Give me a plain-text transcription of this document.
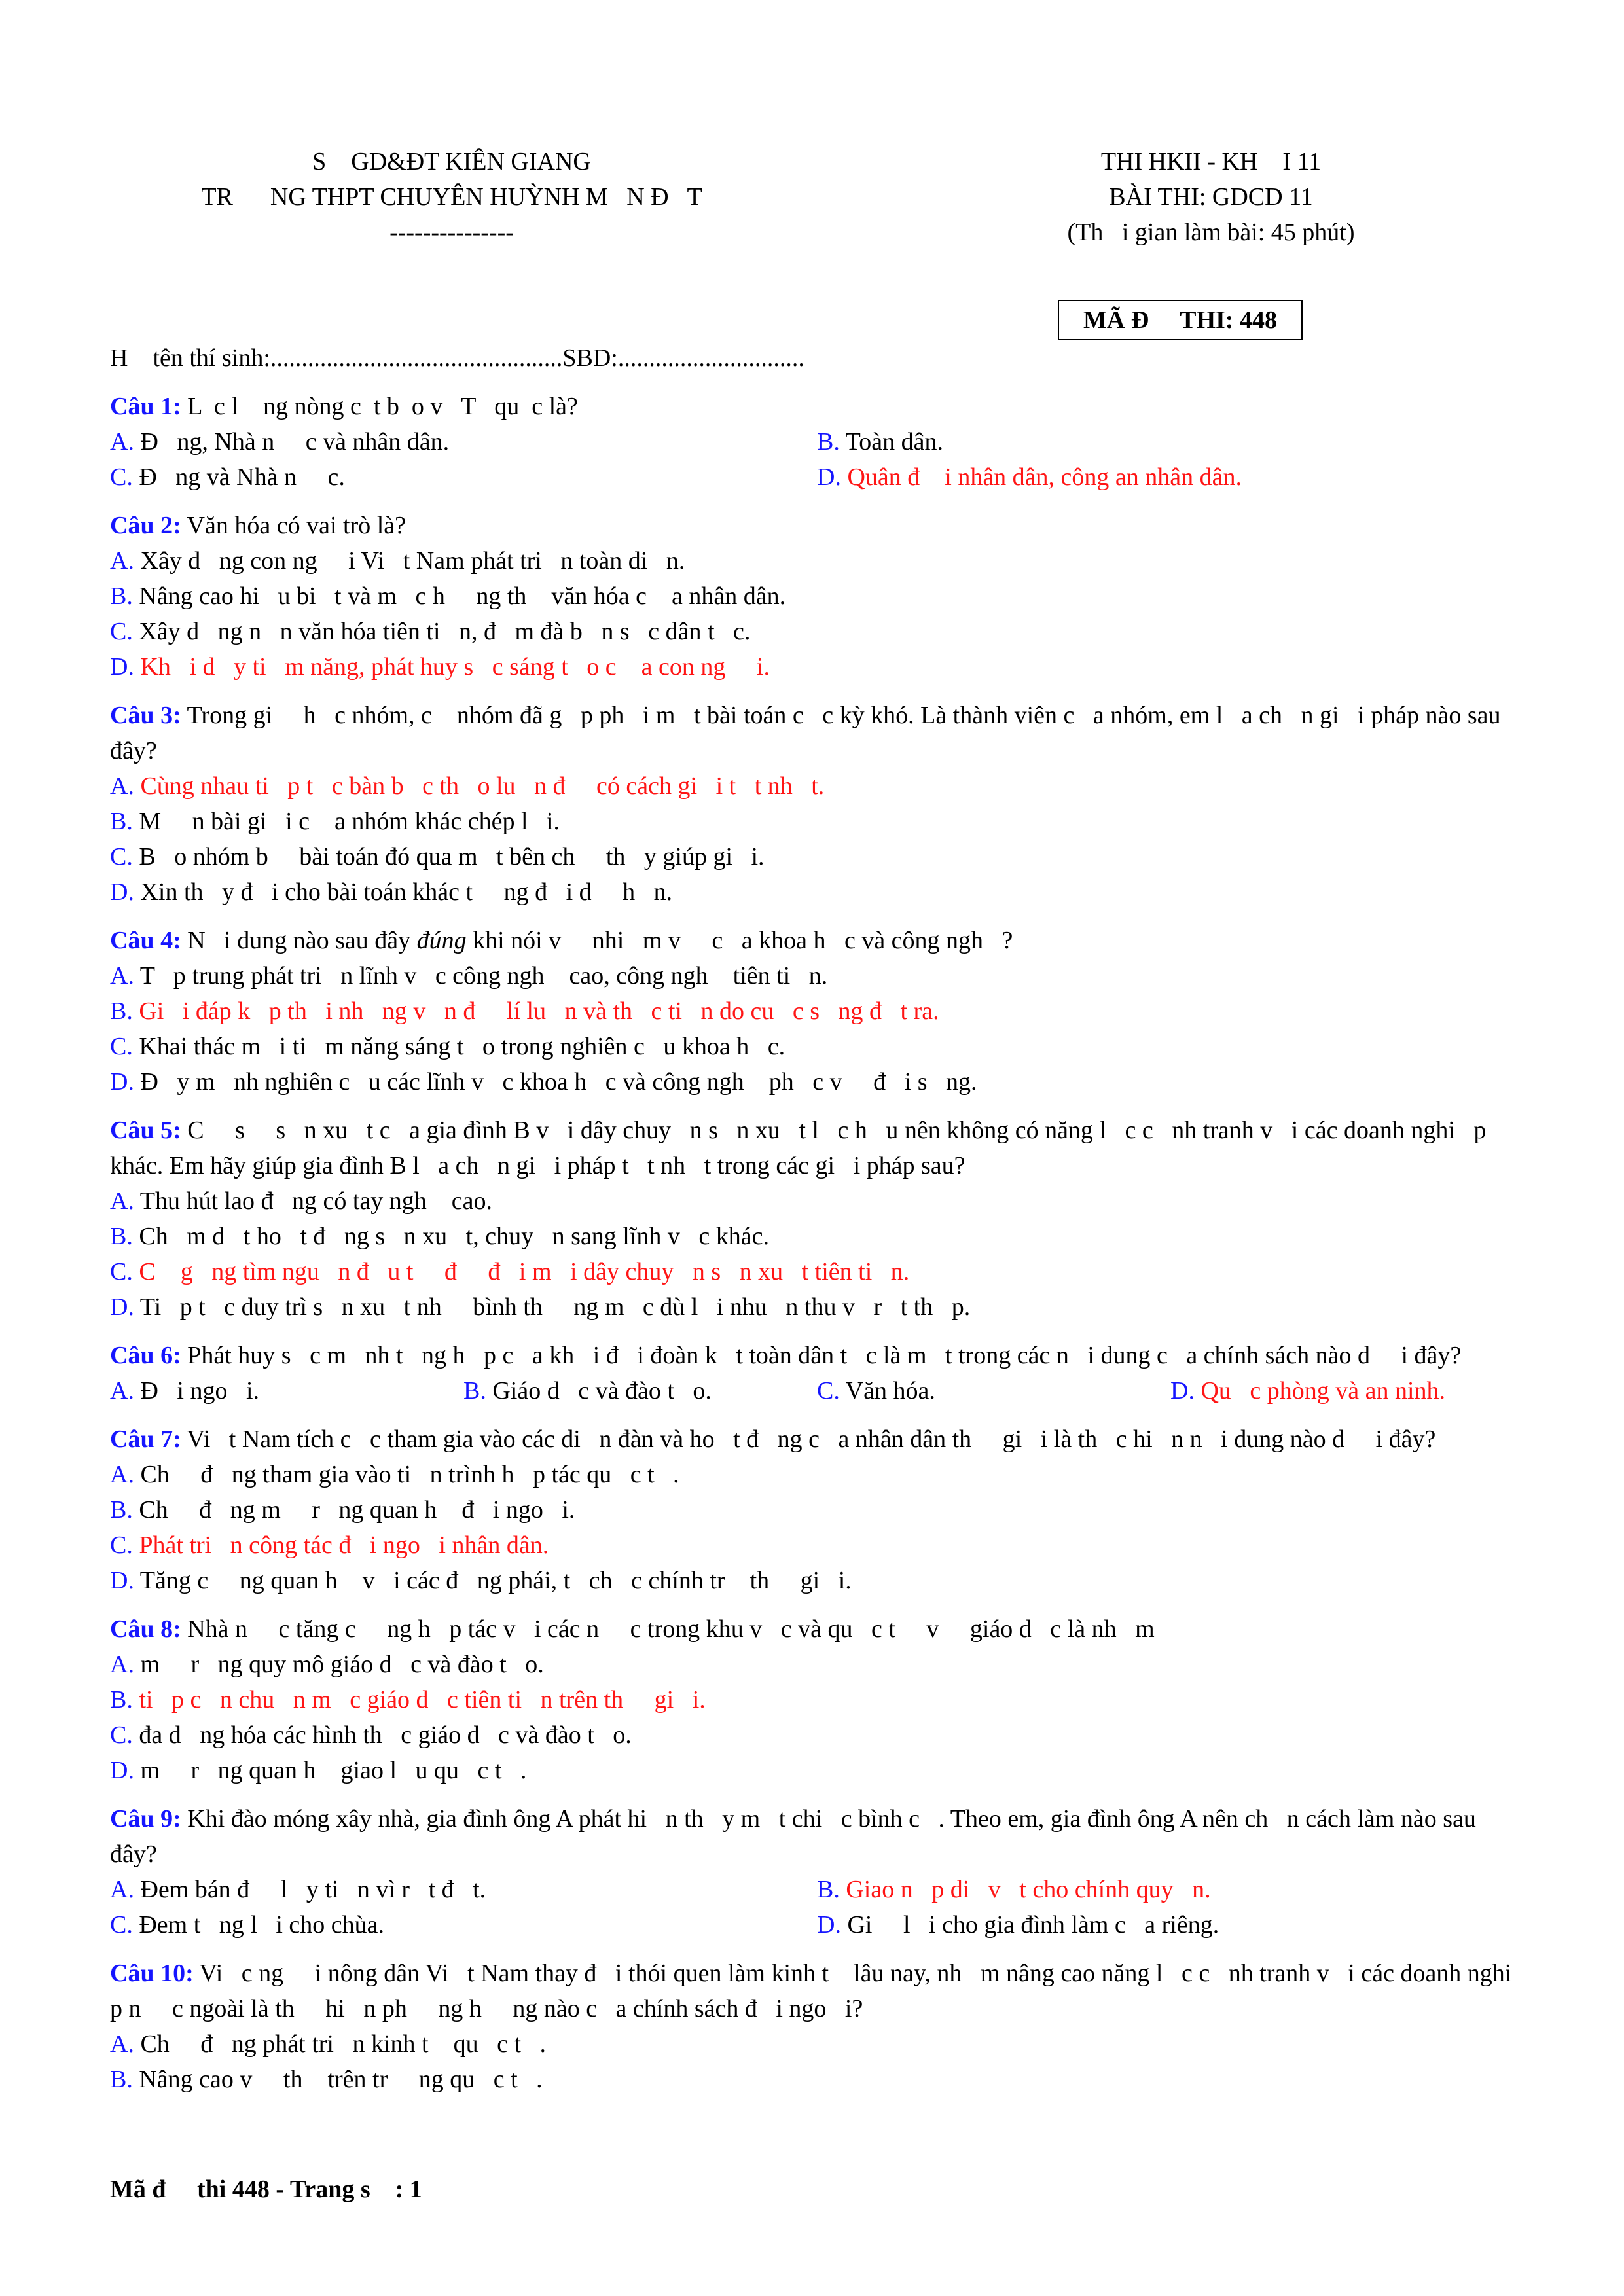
S    GD&ĐT KIÊN GIANG
TR      NG THPT CHUYÊN HUỲNH M   N Đ   T
---------------
THI HKII - KH    I 11
BÀI THI: GDCD 11
(Th   i gian làm bài: 45 phút)
MÃ Đ     THI: 448
H    tên thí sinh:...............................................SBD:..............................
Câu 1: L  c l    ng nòng c  t b  o v   T   qu  c là?
A. Đ   ng, Nhà n     c và nhân dân.	B. Toàn dân.
C. Đ   ng và Nhà n     c.	D. Quân đ    i nhân dân, công an nhân dân.
Câu 2: Văn hóa có vai trò là?
A. Xây d   ng con ng     i Vi   t Nam phát tri   n toàn di   n.
B. Nâng cao hi   u bi   t và m   c h     ng th    văn hóa c    a nhân dân.
C. Xây d   ng n   n văn hóa tiên ti   n, đ   m đà b   n s   c dân t   c.
D. Kh   i d   y ti   m năng, phát huy s   c sáng t   o c    a con ng     i.
Câu 3: Trong gi     h   c nhóm, c    nhóm đã g   p ph   i m   t bài toán c   c kỳ khó. Là thành viên c   a nhóm, em l   a ch   n gi   i pháp nào sau đây?
A. Cùng nhau ti   p t   c bàn b   c th   o lu   n đ     có cách gi   i t   t nh   t.
B. M     n bài gi   i c    a nhóm khác chép l   i.
C. B   o nhóm b     bài toán đó qua m   t bên ch     th   y giúp gi   i.
D. Xin th   y đ   i cho bài toán khác t     ng đ   i d     h   n.
Câu 4: N   i dung nào sau đây đúng khi nói v     nhi   m v     c   a khoa h   c và công ngh   ?
A. T   p trung phát tri   n lĩnh v   c công ngh    cao, công ngh    tiên ti   n.
B. Gi   i đáp k   p th   i nh   ng v   n đ     lí lu   n và th   c ti   n do cu   c s   ng đ   t ra.
C. Khai thác m   i ti   m năng sáng t   o trong nghiên c   u khoa h   c.
D. Đ   y m   nh nghiên c   u các lĩnh v   c khoa h   c và công ngh    ph   c v     đ   i s   ng.
Câu 5: C     s     s   n xu   t c   a gia đình B v   i dây chuy   n s   n xu   t l   c h   u nên không có năng l   c c   nh tranh v   i các doanh nghi   p khác. Em hãy giúp gia đình B l   a ch   n gi   i pháp t   t nh   t trong các gi   i pháp sau?
A. Thu hút lao đ   ng có tay ngh    cao.
B. Ch   m d   t ho   t đ   ng s   n xu   t, chuy   n sang lĩnh v   c khác.
C. C    g   ng tìm ngu   n đ   u t     đ     đ   i m   i dây chuy   n s   n xu   t tiên ti   n.
D. Ti   p t   c duy trì s   n xu   t nh     bình th     ng m   c dù l   i nhu   n thu v   r   t th   p.
Câu 6: Phát huy s   c m   nh t   ng h   p c   a kh   i đ   i đoàn k   t toàn dân t   c là m   t trong các n   i dung c   a chính sách nào d     i đây?
A. Đ   i ngo   i.	B. Giáo d   c và đào t   o.	C. Văn hóa.	D. Qu   c phòng và an ninh.
Câu 7: Vi   t Nam tích c   c tham gia vào các di   n đàn và ho   t đ   ng c   a nhân dân th     gi   i là th   c hi   n n   i dung nào d     i đây?
A. Ch     đ   ng tham gia vào ti   n trình h   p tác qu   c t   .
B. Ch     đ   ng m     r   ng quan h    đ   i ngo   i.
C. Phát tri   n công tác đ   i ngo   i nhân dân.
D. Tăng c     ng quan h    v   i các đ   ng phái, t   ch   c chính tr    th     gi   i.
Câu 8: Nhà n     c tăng c     ng h   p tác v   i các n     c trong khu v   c và qu   c t     v     giáo d   c là nh   m
A. m     r   ng quy mô giáo d   c và đào t   o.
B. ti   p c   n chu   n m   c giáo d   c tiên ti   n trên th     gi   i.
C. đa d   ng hóa các hình th   c giáo d   c và đào t   o.
D. m     r   ng quan h    giao l   u qu   c t   .
Câu 9: Khi đào móng xây nhà, gia đình ông A phát hi   n th   y m   t chi   c bình c   . Theo em, gia đình ông A nên ch   n cách làm nào sau đây?
A. Đem bán đ     l   y ti   n vì r   t đ   t.	B. Giao n   p di   v   t cho chính quy   n.
C. Đem t   ng l   i cho chùa.	D. Gi     l   i cho gia đình làm c   a riêng.
Câu 10: Vi   c ng     i nông dân Vi   t Nam thay đ   i thói quen làm kinh t    lâu nay, nh   m nâng cao năng l   c c   nh tranh v   i các doanh nghi   p n     c ngoài là th     hi   n ph     ng h     ng nào c   a chính sách đ   i ngo   i?
A. Ch     đ   ng phát tri   n kinh t    qu   c t   .
B. Nâng cao v     th    trên tr     ng qu   c t   .
Mã đ     thi 448 - Trang s    : 1
